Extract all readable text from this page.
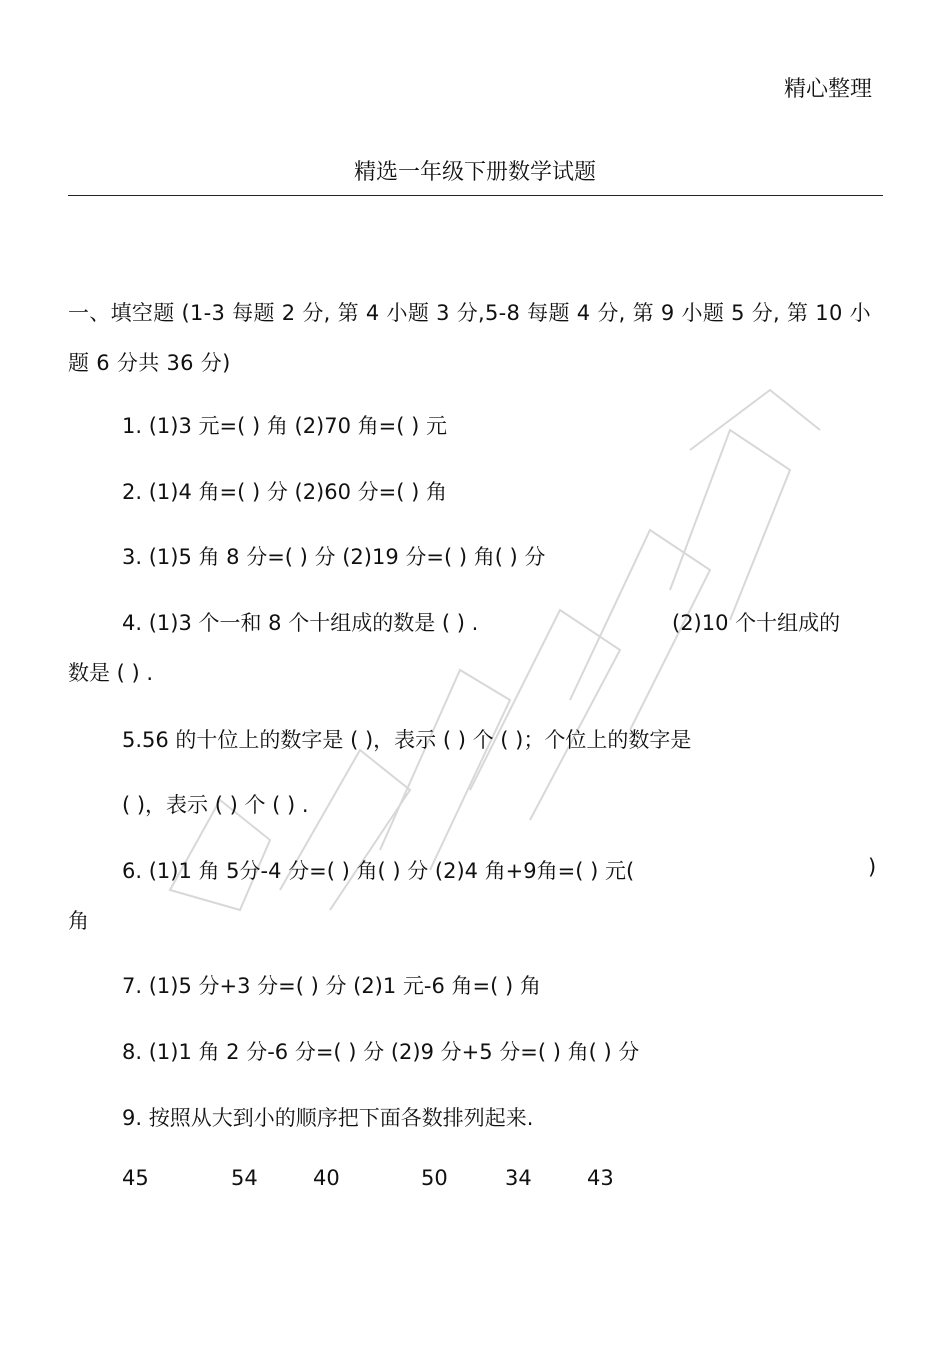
精心整理
精选一年级下册数学试题
一、填空题 (1-3 每题 2 分, 第 4 小题 3 分,5-8 每题 4 分, 第 9 小题 5 分, 第 10 小题 6 分共 36 分)
1. (1)3 元=( ) 角 (2)70 角=( ) 元
2. (1)4 角=( ) 分 (2)60 分=( ) 角
3. (1)5 角 8 分=( ) 分 (2)19 分=( ) 角( ) 分
4. (1)3 个一和 8 个十组成的数是 ( ) .	(2)10 个十组成的
数是 ( ) .
5.56 的十位上的数字是 ( )，表示 ( ) 个 ( )；个位上的数字是
( )，表示 ( ) 个 ( ) .
6. (1)1 角 5分-4 分=( ) 角( ) 分 (2)4 角+9角=( ) 元(	)
角
7. (1)5 分+3 分=( ) 分 (2)1 元-6 角=( ) 角
8. (1)1 角 2 分-6 分=( ) 分 (2)9 分+5 分=( ) 角( ) 分
9. 按照从大到小的顺序把下面各数排列起来.
45	54	40	50	34	43
